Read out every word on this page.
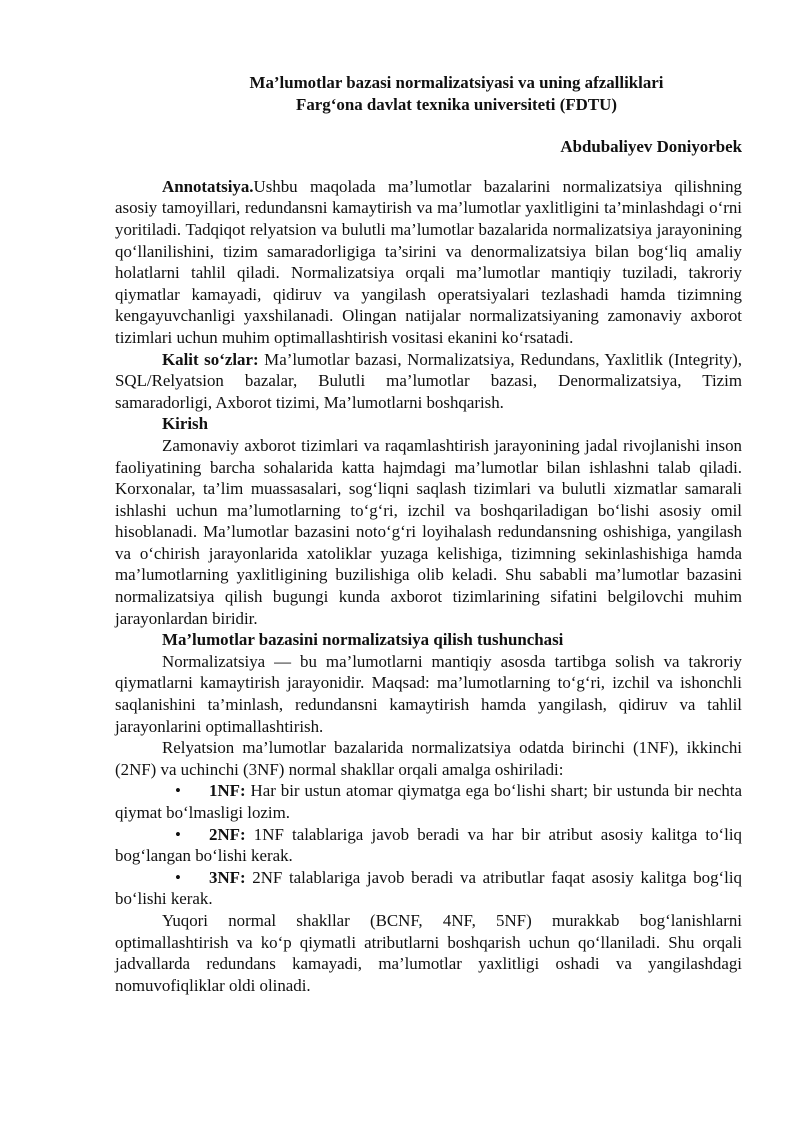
Ma’lumotlar bazasi normalizatsiyasi va uning afzalliklari
Farg‘ona davlat texnika universiteti (FDTU)
Abdubaliyev Doniyorbek

Annotatsiya.Ushbu maqolada ma’lumotlar bazalarini normalizatsiya qilishning asosiy tamoyillari, redundansni kamaytirish va ma’lumotlar yaxlitligini ta’minlashdagi o‘rni yoritiladi. Tadqiqot relyatsion va bulutli ma’lumotlar bazalarida normalizatsiya jarayonining qo‘llanilishini, tizim samaradorligiga ta’sirini va denormalizatsiya bilan bog‘liq amaliy holatlarni tahlil qiladi. Normalizatsiya orqali ma’lumotlar mantiqiy tuziladi, takroriy qiymatlar kamayadi, qidiruv va yangilash operatsiyalari tezlashadi hamda tizimning kengayuvchanligi yaxshilanadi. Olingan natijalar normalizatsiyaning zamonaviy axborot tizimlari uchun muhim optimallashtirish vositasi ekanini ko‘rsatadi.

Kalit so‘zlar: Ma’lumotlar bazasi, Normalizatsiya, Redundans, Yaxlitlik (Integrity), SQL/Relyatsion bazalar, Bulutli ma’lumotlar bazasi, Denormalizatsiya, Tizim samaradorligi, Axborot tizimi, Ma’lumotlarni boshqarish.

Kirish

Zamonaviy axborot tizimlari va raqamlashtirish jarayonining jadal rivojlanishi inson faoliyatining barcha sohalarida katta hajmdagi ma’lumotlar bilan ishlashni talab qiladi. Korxonalar, ta’lim muassasalari, sog‘liqni saqlash tizimlari va bulutli xizmatlar samarali ishlashi uchun ma’lumotlarning to‘g‘ri, izchil va boshqariladigan bo‘lishi asosiy omil hisoblanadi. Ma’lumotlar bazasini noto‘g‘ri loyihalash redundansning oshishiga, yangilash va o‘chirish jarayonlarida xatoliklar yuzaga kelishiga, tizimning sekinlashishiga hamda ma’lumotlarning yaxlitligining buzilishiga olib keladi. Shu sababli ma’lumotlar bazasini normalizatsiya qilish bugungi kunda axborot tizimlarining sifatini belgilovchi muhim jarayonlardan biridir.

Ma’lumotlar bazasini normalizatsiya qilish tushunchasi

Normalizatsiya — bu ma’lumotlarni mantiqiy asosda tartibga solish va takroriy qiymatlarni kamaytirish jarayonidir. Maqsad: ma’lumotlarning to‘g‘ri, izchil va ishonchli saqlanishini ta’minlash, redundansni kamaytirish hamda yangilash, qidiruv va tahlil jarayonlarini optimallashtirish.

Relyatsion ma’lumotlar bazalarida normalizatsiya odatda birinchi (1NF), ikkinchi (2NF) va uchinchi (3NF) normal shakllar orqali amalga oshiriladi:

• 1NF: Har bir ustun atomar qiymatga ega bo‘lishi shart; bir ustunda bir nechta qiymat bo‘lmasligi lozim.
• 2NF: 1NF talablariga javob beradi va har bir atribut asosiy kalitga to‘liq bog‘langan bo‘lishi kerak.
• 3NF: 2NF talablariga javob beradi va atributlar faqat asosiy kalitga bog‘liq bo‘lishi kerak.

Yuqori normal shakllar (BCNF, 4NF, 5NF) murakkab bog‘lanishlarni optimallashtirish va ko‘p qiymatli atributlarni boshqarish uchun qo‘llaniladi. Shu orqali jadvallarda redundans kamayadi, ma’lumotlar yaxlitligi oshadi va yangilashdagi nomuvofiqliklar oldi olinadi.
